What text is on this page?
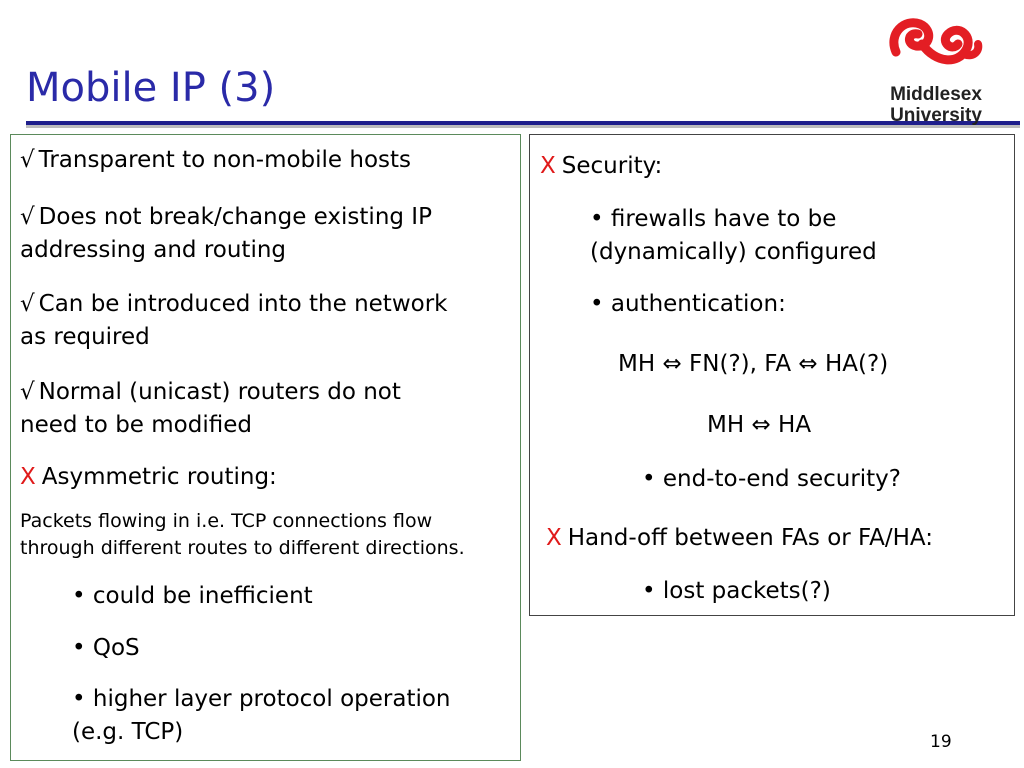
Mobile IP (3)	Middlesex
University
√ Transparent to non-mobile hosts
√ Does not break/change existing IP
addressing and routing
√ Can be introduced into the network
as required
√ Normal (unicast) routers do not
need to be modified
X Asymmetric routing:
Packets flowing in i.e. TCP connections flow
through different routes to different directions.
• could be inefficient
• QoS
• higher layer protocol operation
(e.g. TCP)
X Security:
• firewalls have to be
(dynamically) configured
• authentication:
MH ⇔ FN(?), FA ⇔ HA(?)
MH ⇔ HA
• end-to-end security?
X Hand-off between FAs or FA/HA:
• lost packets(?)
19
